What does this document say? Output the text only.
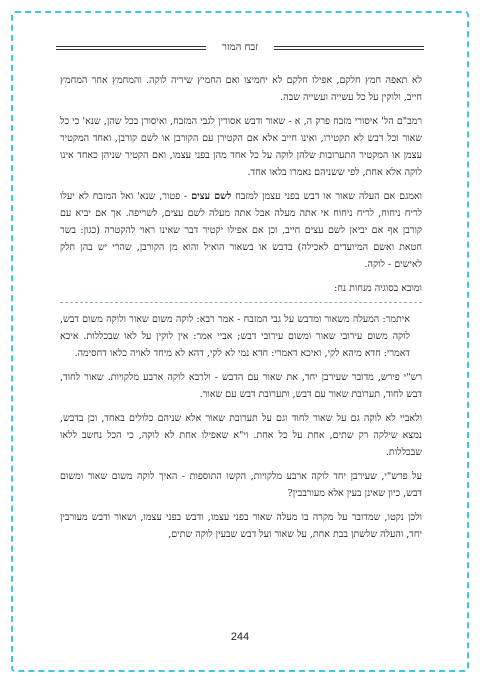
זבח המזר

לא תאפה חמץ חלקם, אפילו חלקם לא יחמיצו ואם החמיץ שיריה לוקה. והמחמץ אחר המחמץ חייב, ולוקין על כל עשייה ועשייה שבה.

רמב"ם הל' איסורי מזבח פרק ה, א - שאור ודבש אסורין לגבי המזבח, ואיסורן בכל שהן, שנא' כי כל שאור וכל דבש לא תקטירו, ואינו חייב אלא אם הקטירן עם הקורבן או לשם קורבן, ואחד המקטיר עצמן או המקטיר התערובות שלהן לוקה על כל אחד מהן בפני עצמו, ואם הקטיר שניהן כאחד אינו לוקה אלא אחת, לפי ששניהם נאמרו בלאו אחד.

ואמגם אם העלה שאור או דבש בפני עצמן למזבח לשם עצים - פטור, שנא' ואל המזבח לא יעלו לריח ניחוח, לריח ניחוח אי אתה מעלה אבל אתה מעלה לשם עצים, לשריפה. אך אם יביא עם קורבן אף אם יביאן לשם עצים חייב, וכן אם אפילו יקטיר דבר שאינו ראוי להקטרה (כגון: בשר חטאת ואשם המיועדים לאכילה) בדבש או בשאור הואיל והוא מן הקורבן, שהרי יש בהן חלק לאישים - לוקה.

ומובא בסוגיה מנחות נח:

איתמר: המעלה משאור ומדבש על גבי המזבח - אמר רבא: לוקה משום שאור ולוקה משום דבש, לוקה משום עירובי שאור ומשום עירובי דבש; אביי אמר: אין לוקין על לאו שבכללות. איכא דאמרי: חדא מיהא לקי, ואיכא דאמרי: חדא נמי לא לקי, דהא לא מיחד לאויה כלאו דחסימה.

רש"י פירש, מדובר שעירבן יחד, את שאור עם הדבש - ולרבא לוקה ארבע מלקויות. שאור לחוד, דבש לחוד, תערובת שאור עם דבש, ותערובת דבש עם שאור.

ולאביי לא לוקה גם על שאור לחוד וגם על תערובת שאור אלא שניהם כלולים באחד, וכן בדבש, נמצא שילקה רק שתים, אחת על כל אחת. וי"א שאפילו אחת לא לוקה, כי הכל נחשב ללאו שבכללות.

על פרש"י, שעירבן יחד לוקה ארבע מלקויות, הקשו התוספות - האיך לוקה משום שאור ומשום דבש, כיון שאינן בעין אלא מעורבבין?

ולכן נקטו, שמדובר על מקרה בו מעלה שאור בפני עצמו, ודבש בפני עצמו, ושאור ודבש מעורבין יחד, והעלה שלשתן בבת אחת, על שאור ועל דבש שבעין לוקה שתים,

244
